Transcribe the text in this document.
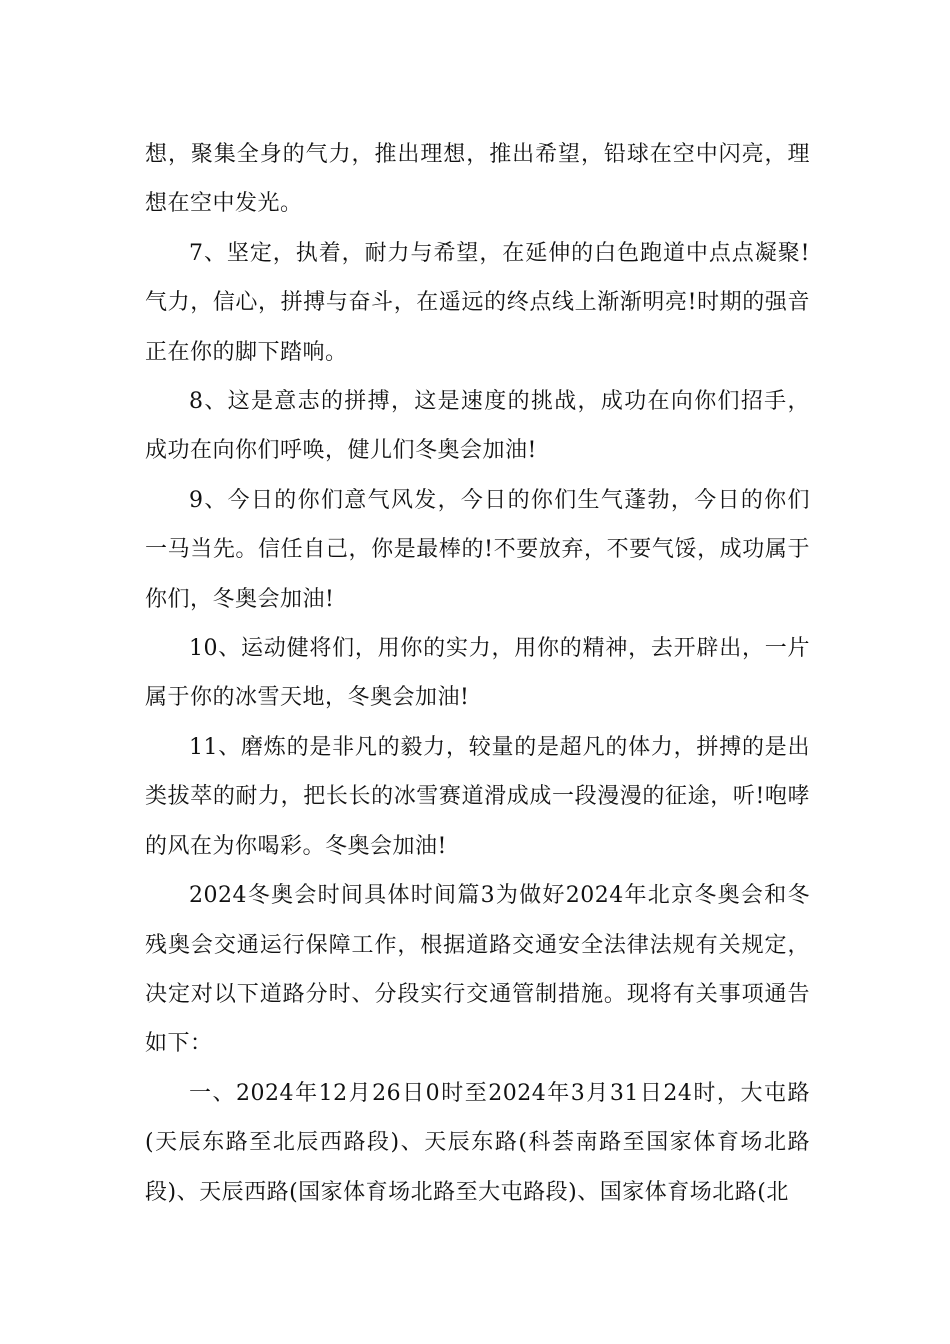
想，聚集全身的气力，推出理想，推出希望，铅球在空中闪亮，理想在空中发光。

7、坚定，执着，耐力与希望，在延伸的白色跑道中点点凝聚!气力，信心，拼搏与奋斗，在遥远的终点线上渐渐明亮!时期的强音正在你的脚下踏响。

8、这是意志的拼搏，这是速度的挑战，成功在向你们招手，成功在向你们呼唤，健儿们冬奥会加油!

9、今日的你们意气风发，今日的你们生气蓬勃，今日的你们一马当先。信任自己，你是最棒的!不要放弃，不要气馁，成功属于你们，冬奥会加油!

10、运动健将们，用你的实力，用你的精神，去开辟出，一片属于你的冰雪天地，冬奥会加油!

11、磨炼的是非凡的毅力，较量的是超凡的体力，拼搏的是出类拔萃的耐力，把长长的冰雪赛道滑成成一段漫漫的征途，听!咆哮的风在为你喝彩。冬奥会加油!

2024冬奥会时间具体时间篇3为做好2024年北京冬奥会和冬残奥会交通运行保障工作，根据道路交通安全法律法规有关规定，决定对以下道路分时、分段实行交通管制措施。现将有关事项通告如下：

一、2024年12月26日0时至2024年3月31日24时，大屯路(天辰东路至北辰西路段)、天辰东路(科荟南路至国家体育场北路段)、天辰西路(国家体育场北路至大屯路段)、国家体育场北路(北
